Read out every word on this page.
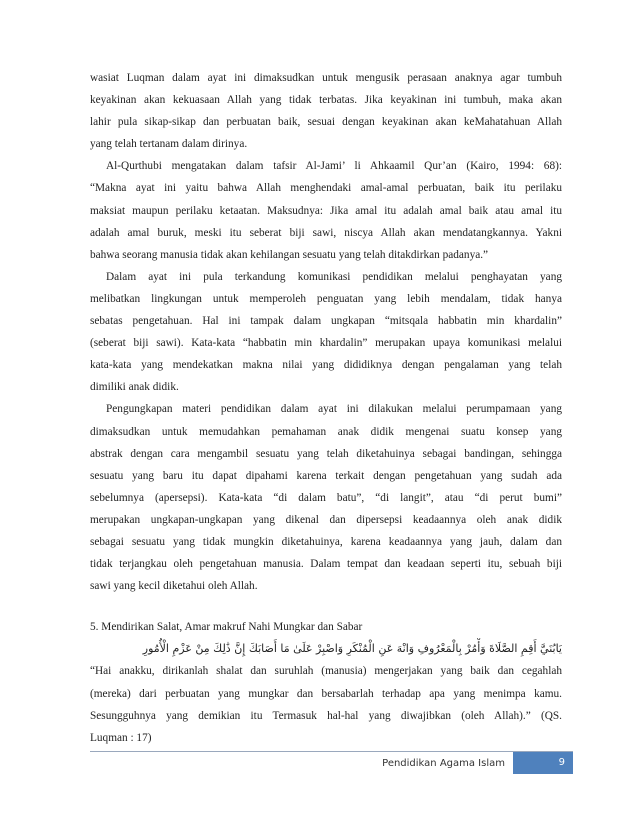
wasiat Luqman dalam ayat ini dimaksudkan untuk mengusik perasaan anaknya agar tumbuh
keyakinan akan kekuasaan Allah yang tidak terbatas. Jika keyakinan ini tumbuh, maka akan
lahir pula sikap-sikap dan perbuatan baik, sesuai dengan keyakinan akan keMahatahuan Allah
yang telah tertanam dalam dirinya.
Al-Qurthubi mengatakan dalam tafsir Al-Jami’ li Ahkaamil Qur’an (Kairo, 1994: 68):
“Makna ayat ini yaitu bahwa Allah menghendaki amal-amal perbuatan, baik itu perilaku
maksiat maupun perilaku ketaatan. Maksudnya: Jika amal itu adalah amal baik atau amal itu
adalah amal buruk, meski itu seberat biji sawi, niscya Allah akan mendatangkannya. Yakni
bahwa seorang manusia tidak akan kehilangan sesuatu yang telah ditakdirkan padanya.”
Dalam ayat ini pula terkandung komunikasi pendidikan melalui penghayatan yang
melibatkan lingkungan untuk memperoleh penguatan yang lebih mendalam, tidak hanya
sebatas pengetahuan. Hal ini tampak dalam ungkapan “mitsqala habbatin min khardalin”
(seberat biji sawi). Kata-kata “habbatin min khardalin” merupakan upaya komunikasi melalui
kata-kata yang mendekatkan makna nilai yang dididiknya dengan pengalaman yang telah
dimiliki anak didik.
Pengungkapan materi pendidikan dalam ayat ini dilakukan melalui perumpamaan yang
dimaksudkan untuk memudahkan pemahaman anak didik mengenai suatu konsep yang
abstrak dengan cara mengambil sesuatu yang telah diketahuinya sebagai bandingan, sehingga
sesuatu yang baru itu dapat dipahami karena terkait dengan pengetahuan yang sudah ada
sebelumnya (apersepsi). Kata-kata “di dalam batu”, “di langit”, atau “di perut bumi”
merupakan ungkapan-ungkapan yang dikenal dan dipersepsi keadaannya oleh anak didik
sebagai sesuatu yang tidak mungkin diketahuinya, karena keadaannya yang jauh, dalam dan
tidak terjangkau oleh pengetahuan manusia. Dalam tempat dan keadaan seperti itu, sebuah biji
sawi yang kecil diketahui oleh Allah.
5. Mendirikan Salat, Amar makruf Nahi Mungkar dan Sabar
يَابُنَيَّ أَقِمِ الصَّلَاةَ وَأْمُرْ بِالْمَعْرُوفِ وَانْهَ عَنِ الْمُنْكَرِ وَاصْبِرْ عَلَىٰ مَا أَصَابَكَ إِنَّ ذَٰلِكَ مِنْ عَزْمِ الْأُمُورِ
“Hai anakku, dirikanlah shalat dan suruhlah (manusia) mengerjakan yang baik dan cegahlah
(mereka) dari perbuatan yang mungkar dan bersabarlah terhadap apa yang menimpa kamu.
Sesungguhnya yang demikian itu Termasuk hal-hal yang diwajibkan (oleh Allah).” (QS.
Luqman : 17)
Pendidikan Agama Islam	9
